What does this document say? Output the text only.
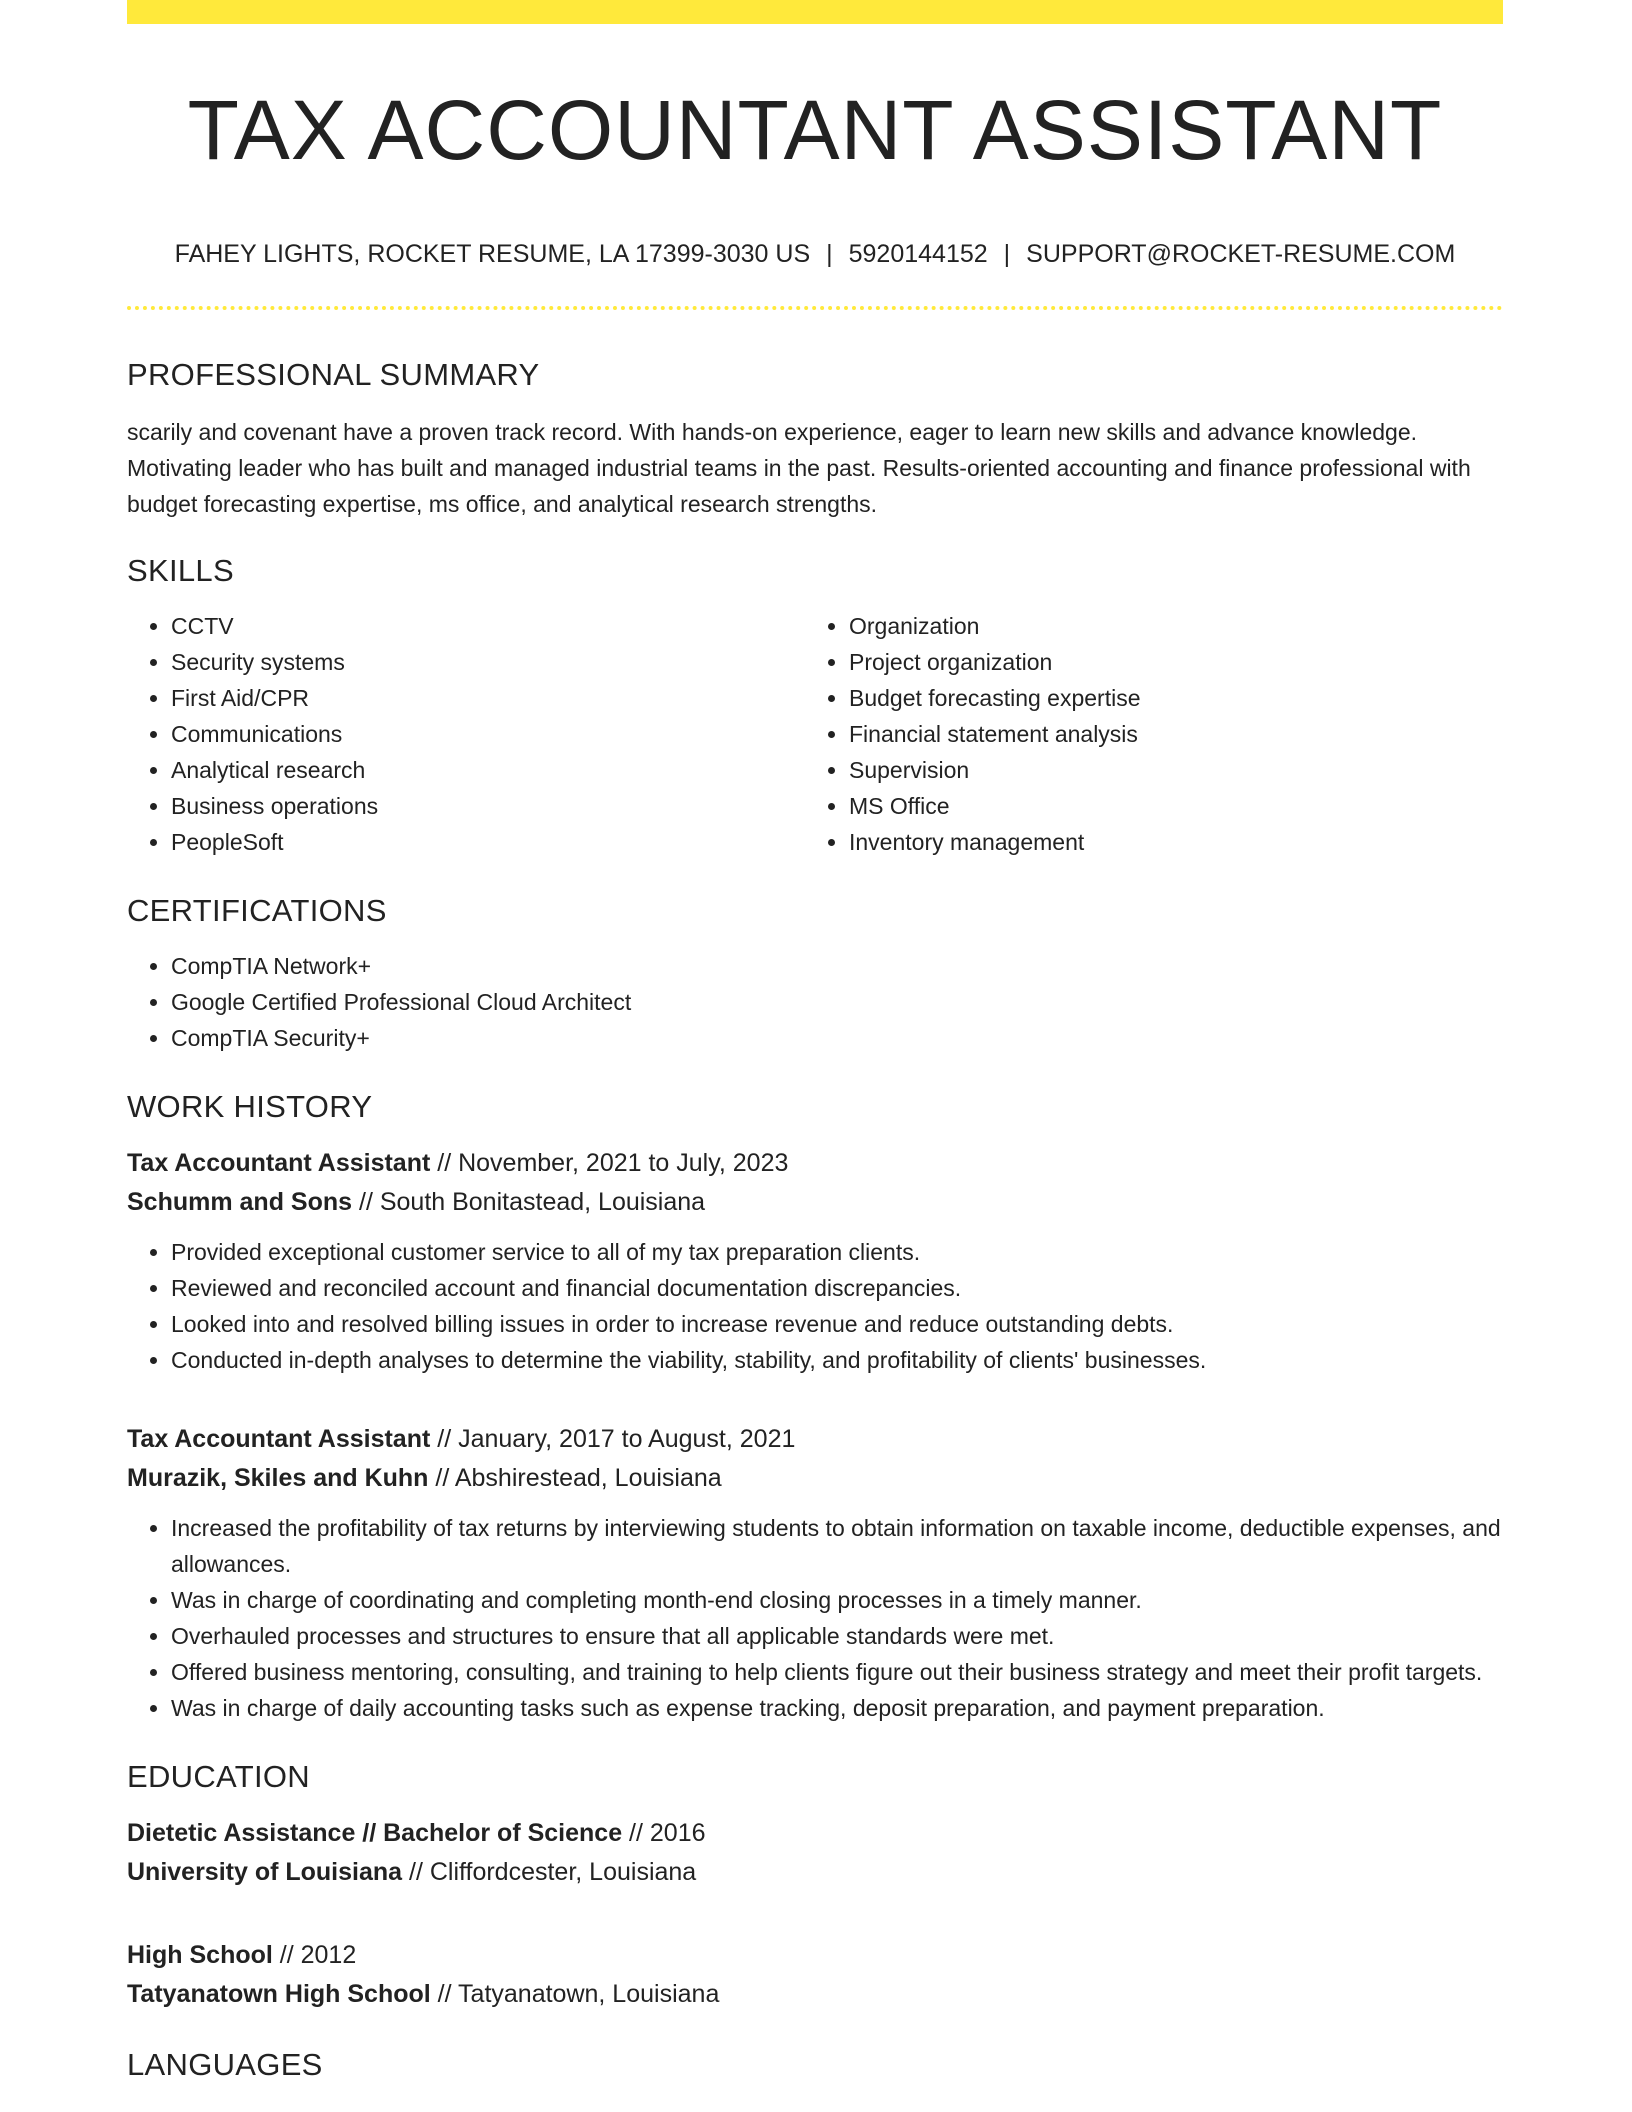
TAX ACCOUNTANT ASSISTANT
FAHEY LIGHTS, ROCKET RESUME, LA 17399-3030 US | 5920144152 | SUPPORT@ROCKET-RESUME.COM
PROFESSIONAL SUMMARY

scarily and covenant have a proven track record. With hands-on experience, eager to learn new skills and advance knowledge. Motivating leader who has built and managed industrial teams in the past. Results-oriented accounting and finance professional with budget forecasting expertise, ms office, and analytical research strengths.

SKILLS
• CCTV
• Security systems
• First Aid/CPR
• Communications
• Analytical research
• Business operations
• PeopleSoft
• Organization
• Project organization
• Budget forecasting expertise
• Financial statement analysis
• Supervision
• MS Office
• Inventory management
CERTIFICATIONS
• CompTIA Network+
• Google Certified Professional Cloud Architect
• CompTIA Security+
WORK HISTORY
Tax Accountant Assistant // November, 2021 to July, 2023
Schumm and Sons // South Bonitastead, Louisiana
• Provided exceptional customer service to all of my tax preparation clients.
• Reviewed and reconciled account and financial documentation discrepancies.
• Looked into and resolved billing issues in order to increase revenue and reduce outstanding debts.
• Conducted in-depth analyses to determine the viability, stability, and profitability of clients' businesses.
Tax Accountant Assistant // January, 2017 to August, 2021
Murazik, Skiles and Kuhn // Abshirestead, Louisiana
• Increased the profitability of tax returns by interviewing students to obtain information on taxable income, deductible expenses, and allowances.
• Was in charge of coordinating and completing month-end closing processes in a timely manner.
• Overhauled processes and structures to ensure that all applicable standards were met.
• Offered business mentoring, consulting, and training to help clients figure out their business strategy and meet their profit targets.
• Was in charge of daily accounting tasks such as expense tracking, deposit preparation, and payment preparation.
EDUCATION
Dietetic Assistance // Bachelor of Science // 2016
University of Louisiana // Cliffordcester, Louisiana
High School // 2012
Tatyanatown High School // Tatyanatown, Louisiana
LANGUAGES
